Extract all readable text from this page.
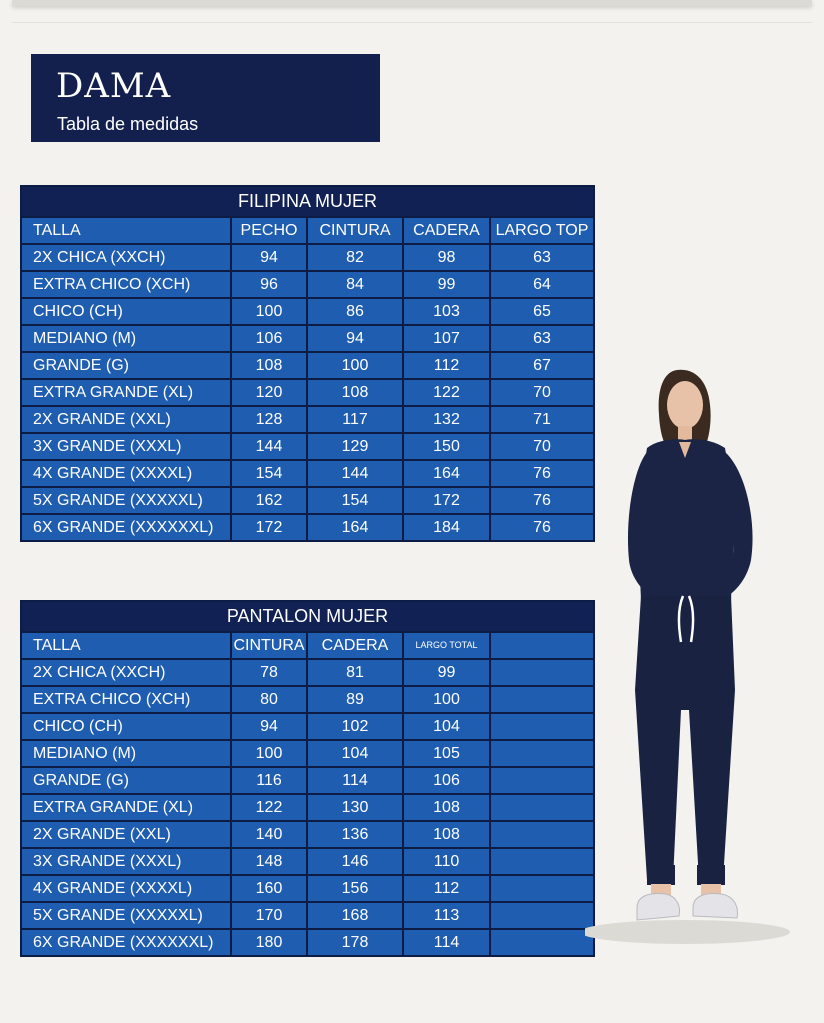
DAMA
Tabla de medidas
FILIPINA MUJER				
TALLA	PECHO	CINTURA	CADERA	LARGO TOP
2X CHICA (XXCH)	94	82	98	63
EXTRA CHICO (XCH)	96	84	99	64
CHICO (CH)	100	86	103	65
MEDIANO (M)	106	94	107	63
GRANDE (G)	108	100	112	67
EXTRA GRANDE (XL)	120	108	122	70
2X GRANDE (XXL)	128	117	132	71
3X GRANDE (XXXL)	144	129	150	70
4X GRANDE (XXXXL)	154	144	164	76
5X GRANDE (XXXXXL)	162	154	172	76
6X GRANDE (XXXXXXL)	172	164	184	76
PANTALON MUJER				
TALLA	CINTURA	CADERA	LARGO TOTAL	
2X CHICA (XXCH)	78	81	99	
EXTRA CHICO (XCH)	80	89	100	
CHICO (CH)	94	102	104	
MEDIANO (M)	100	104	105	
GRANDE (G)	116	114	106	
EXTRA GRANDE (XL)	122	130	108	
2X GRANDE (XXL)	140	136	108	
3X GRANDE (XXXL)	148	146	110	
4X GRANDE (XXXXL)	160	156	112	
5X GRANDE (XXXXXL)	170	168	113	
6X GRANDE (XXXXXXL)	180	178	114	
